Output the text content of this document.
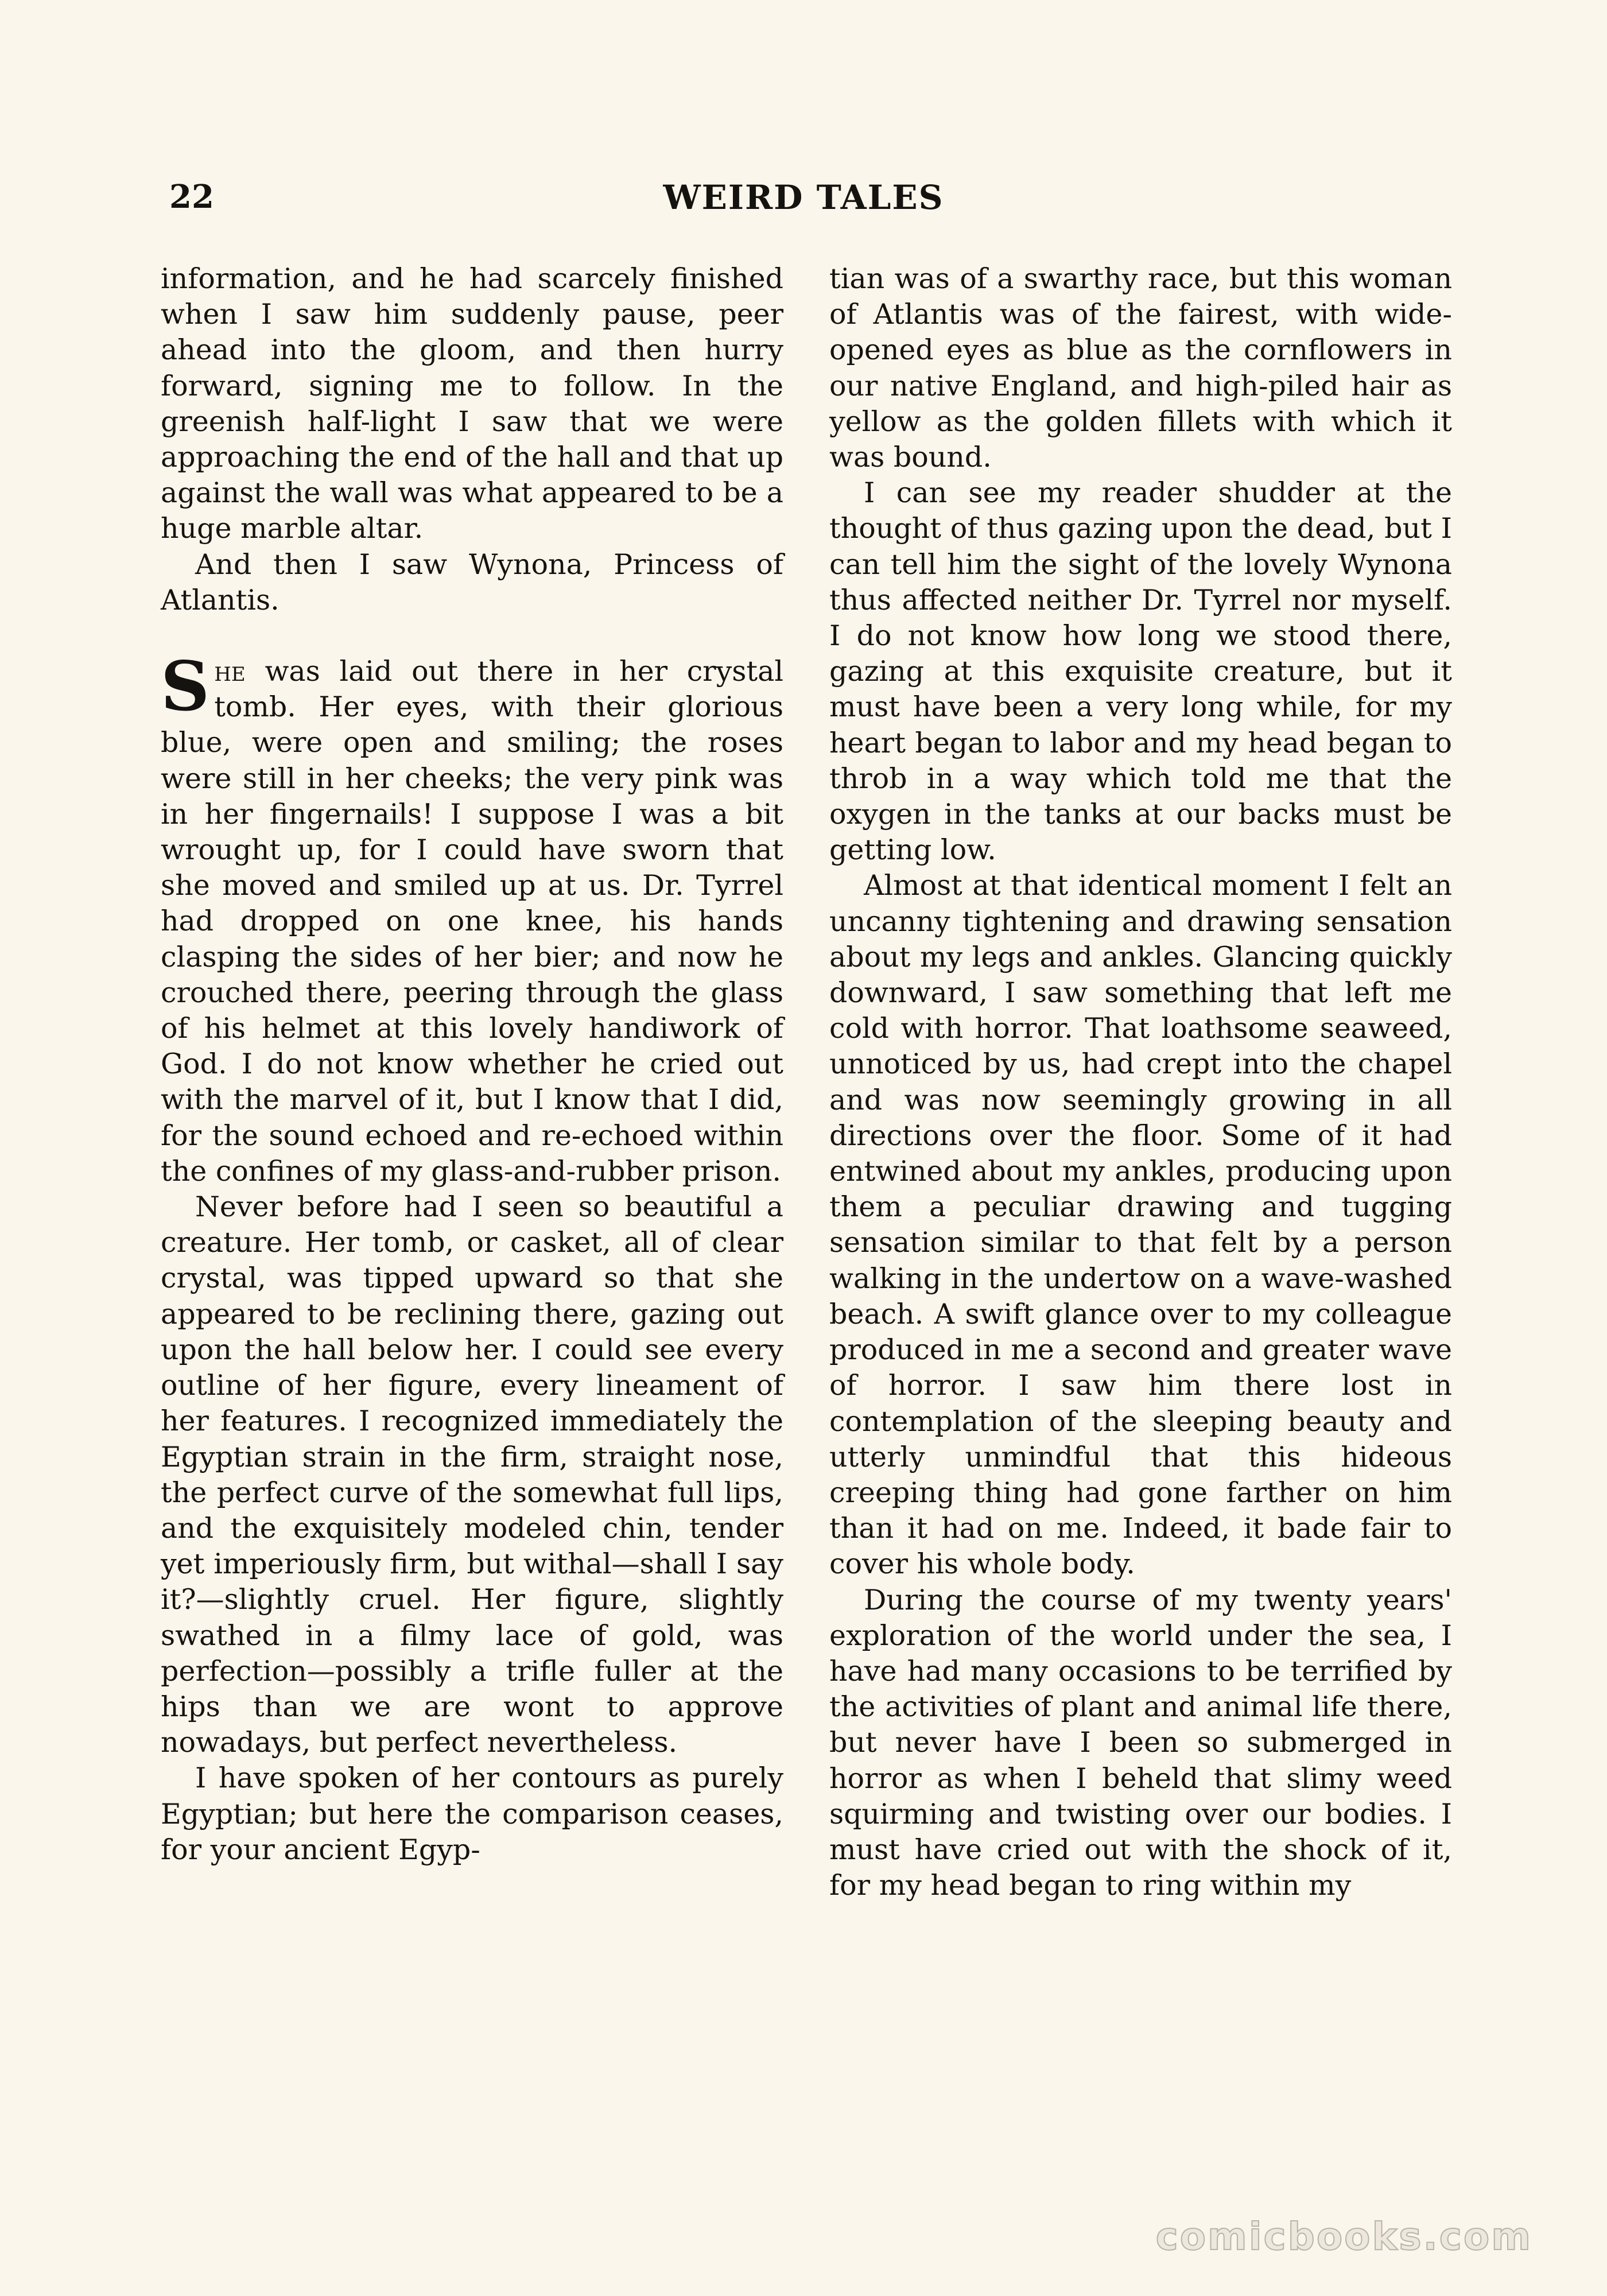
22	WEIRD TALES

information, and he had scarcely finished when I saw him suddenly pause, peer ahead into the gloom, and then hurry forward, signing me to follow. In the greenish half-light I saw that we were approaching the end of the hall and that up against the wall was what appeared to be a huge marble altar.

And then I saw Wynona, Princess of Atlantis.

She was laid out there in her crystal tomb. Her eyes, with their glorious blue, were open and smiling; the roses were still in her cheeks; the very pink was in her fingernails! I suppose I was a bit wrought up, for I could have sworn that she moved and smiled up at us. Dr. Tyrrel had dropped on one knee, his hands clasping the sides of her bier; and now he crouched there, peering through the glass of his helmet at this lovely handiwork of God. I do not know whether he cried out with the marvel of it, but I know that I did, for the sound echoed and re-echoed within the confines of my glass-and-rubber prison.

Never before had I seen so beautiful a creature. Her tomb, or casket, all of clear crystal, was tipped upward so that she appeared to be reclining there, gazing out upon the hall below her. I could see every outline of her figure, every lineament of her features. I recognized immediately the Egyptian strain in the firm, straight nose, the perfect curve of the somewhat full lips, and the exquisitely modeled chin, tender yet imperiously firm, but withal—shall I say it?—slightly cruel. Her figure, slightly swathed in a filmy lace of gold, was perfection—possibly a trifle fuller at the hips than we are wont to approve nowadays, but perfect nevertheless.

I have spoken of her contours as purely Egyptian; but here the comparison ceases, for your ancient Egyp-

tian was of a swarthy race, but this woman of Atlantis was of the fairest, with wide-opened eyes as blue as the cornflowers in our native England, and high-piled hair as yellow as the golden fillets with which it was bound.

I can see my reader shudder at the thought of thus gazing upon the dead, but I can tell him the sight of the lovely Wynona thus affected neither Dr. Tyrrel nor myself. I do not know how long we stood there, gazing at this exquisite creature, but it must have been a very long while, for my heart began to labor and my head began to throb in a way which told me that the oxygen in the tanks at our backs must be getting low.

Almost at that identical moment I felt an uncanny tightening and drawing sensation about my legs and ankles. Glancing quickly downward, I saw something that left me cold with horror. That loathsome seaweed, unnoticed by us, had crept into the chapel and was now seemingly growing in all directions over the floor. Some of it had entwined about my ankles, producing upon them a peculiar drawing and tugging sensation similar to that felt by a person walking in the undertow on a wave-washed beach. A swift glance over to my colleague produced in me a second and greater wave of horror. I saw him there lost in contemplation of the sleeping beauty and utterly unmindful that this hideous creeping thing had gone farther on him than it had on me. Indeed, it bade fair to cover his whole body.

During the course of my twenty years' exploration of the world under the sea, I have had many occasions to be terrified by the activities of plant and animal life there, but never have I been so submerged in horror as when I beheld that slimy weed squirming and twisting over our bodies. I must have cried out with the shock of it, for my head began to ring within my

comicbooks.com
